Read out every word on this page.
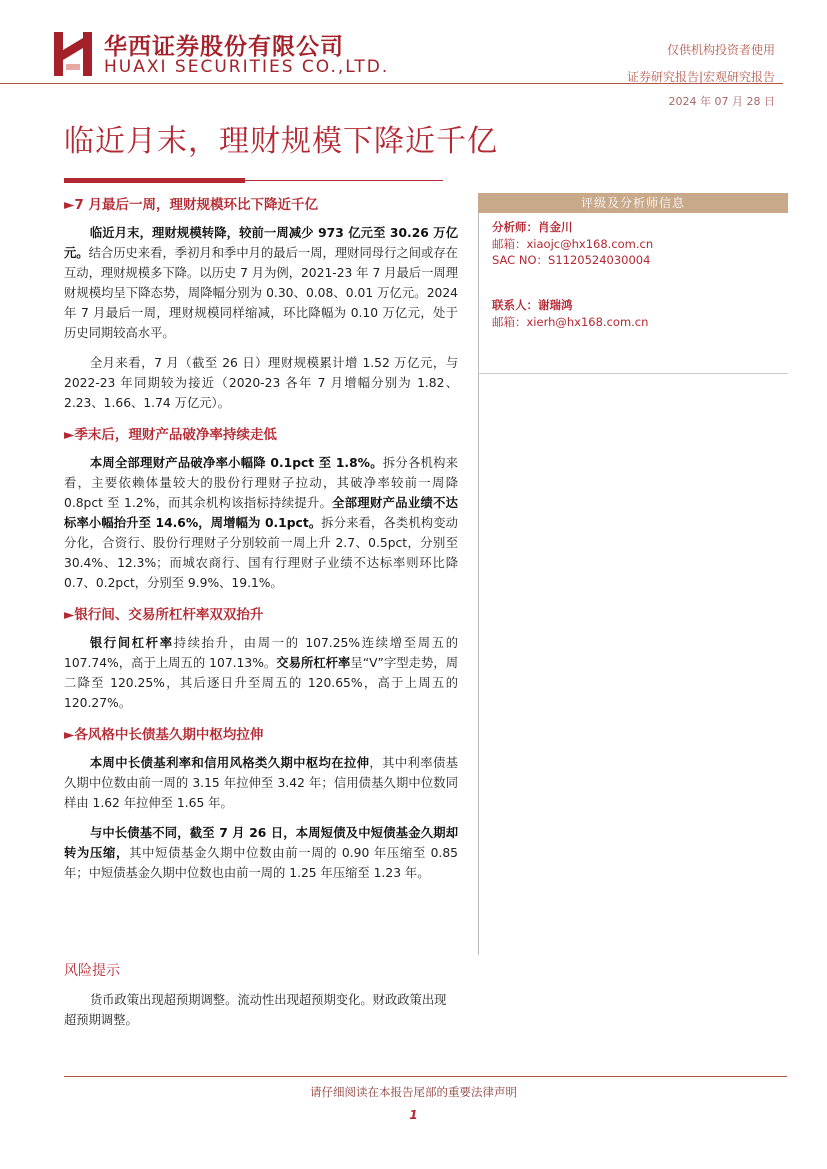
华西证券股份有限公司
HUAXI SECURITIES CO.,LTD.
仅供机构投资者使用
证券研究报告|宏观研究报告
2024 年 07 月 28 日
临近月末，理财规模下降近千亿
►7 月最后一周，理财规模环比下降近千亿

临近月末，理财规模转降，较前一周减少 973 亿元至 30.26 万亿元。结合历史来看，季初月和季中月的最后一周，理财同母行之间或存在互动，理财规模多下降。以历史 7 月为例，2021-23 年 7 月最后一周理财规模均呈下降态势，周降幅分别为 0.30、0.08、0.01 万亿元。2024 年 7 月最后一周，理财规模同样缩减，环比降幅为 0.10 万亿元，处于历史同期较高水平。

全月来看，7 月（截至 26 日）理财规模累计增 1.52 万亿元，与 2022-23 年同期较为接近（2020-23 各年 7 月增幅分别为 1.82、2.23、1.66、1.74 万亿元）。

►季末后，理财产品破净率持续走低

本周全部理财产品破净率小幅降 0.1pct 至 1.8%。拆分各机构来看，主要依赖体量较大的股份行理财子拉动，其破净率较前一周降 0.8pct 至 1.2%，而其余机构该指标持续提升。全部理财产品业绩不达标率小幅抬升至 14.6%，周增幅为 0.1pct。拆分来看，各类机构变动分化，合资行、股份行理财子分别较前一周上升 2.7、0.5pct，分别至 30.4%、12.3%；而城农商行、国有行理财子业绩不达标率则环比降 0.7、0.2pct，分别至 9.9%、19.1%。

►银行间、交易所杠杆率双双抬升

银行间杠杆率持续抬升，由周一的 107.25%连续增至周五的 107.74%，高于上周五的 107.13%。交易所杠杆率呈“V”字型走势，周二降至 120.25%，其后逐日升至周五的 120.65%，高于上周五的 120.27%。

►各风格中长债基久期中枢均拉伸

本周中长债基利率和信用风格类久期中枢均在拉伸，其中利率债基久期中位数由前一周的 3.15 年拉伸至 3.42 年；信用债基久期中位数同样由 1.62 年拉伸至 1.65 年。

与中长债基不同，截至 7 月 26 日，本周短债及中短债基金久期却转为压缩，其中短债基金久期中位数由前一周的 0.90 年压缩至 0.85 年；中短债基金久期中位数也由前一周的 1.25 年压缩至 1.23 年。

风险提示
货币政策出现超预期调整。流动性出现超预期变化。财政政策出现超预期调整。
评级及分析师信息
分析师：肖金川
邮箱：xiaojc@hx168.com.cn
SAC NO：S1120524030004
联系人：谢瑞鸿
邮箱：xierh@hx168.com.cn
请仔细阅读在本报告尾部的重要法律声明
1
